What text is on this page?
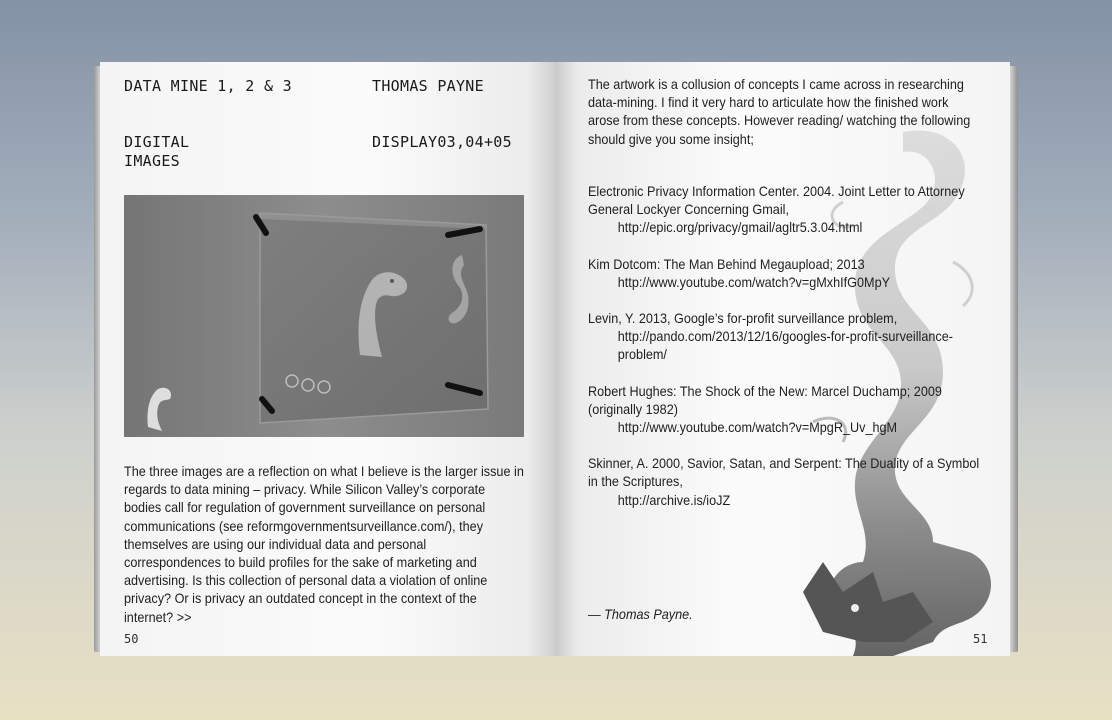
DATA MINE 1, 2 & 3	THOMAS PAYNE
DIGITAL
IMAGES
DISPLAY03,04+05
The three images are a reflection on what I believe is the larger issue in regards to data mining – privacy. While Silicon Valley’s corporate bodies call for regulation of government surveillance on personal communications (see reformgovernmentsurveillance.com/), they themselves are using our individual data and personal correspondences to build profiles for the sake of marketing and advertising. Is this collection of personal data a violation of online privacy? Or is privacy an outdated concept in the context of the internet? >>
50
The artwork is a collusion of concepts I came across in researching data-mining. I find it very hard to articulate how the finished work arose from these concepts. However reading/ watching the following should give you some insight;
Electronic Privacy Information Center. 2004. Joint Letter to Attorney General Lockyer Concerning Gmail,
http://epic.org/privacy/gmail/agltr5.3.04.html
Kim Dotcom: The Man Behind Megaupload; 2013
http://www.youtube.com/watch?v=gMxhIfG0MpY
Levin, Y. 2013, Google’s for-profit surveillance problem,
http://pando.com/2013/12/16/googles-for-profit-surveillance-problem/
Robert Hughes: The Shock of the New: Marcel Duchamp; 2009 (originally 1982)
http://www.youtube.com/watch?v=MpgR_Uv_hgM
Skinner, A. 2000, Savior, Satan, and Serpent: The Duality of a Symbol in the Scriptures,
http://archive.is/ioJZ
— Thomas Payne.
51
